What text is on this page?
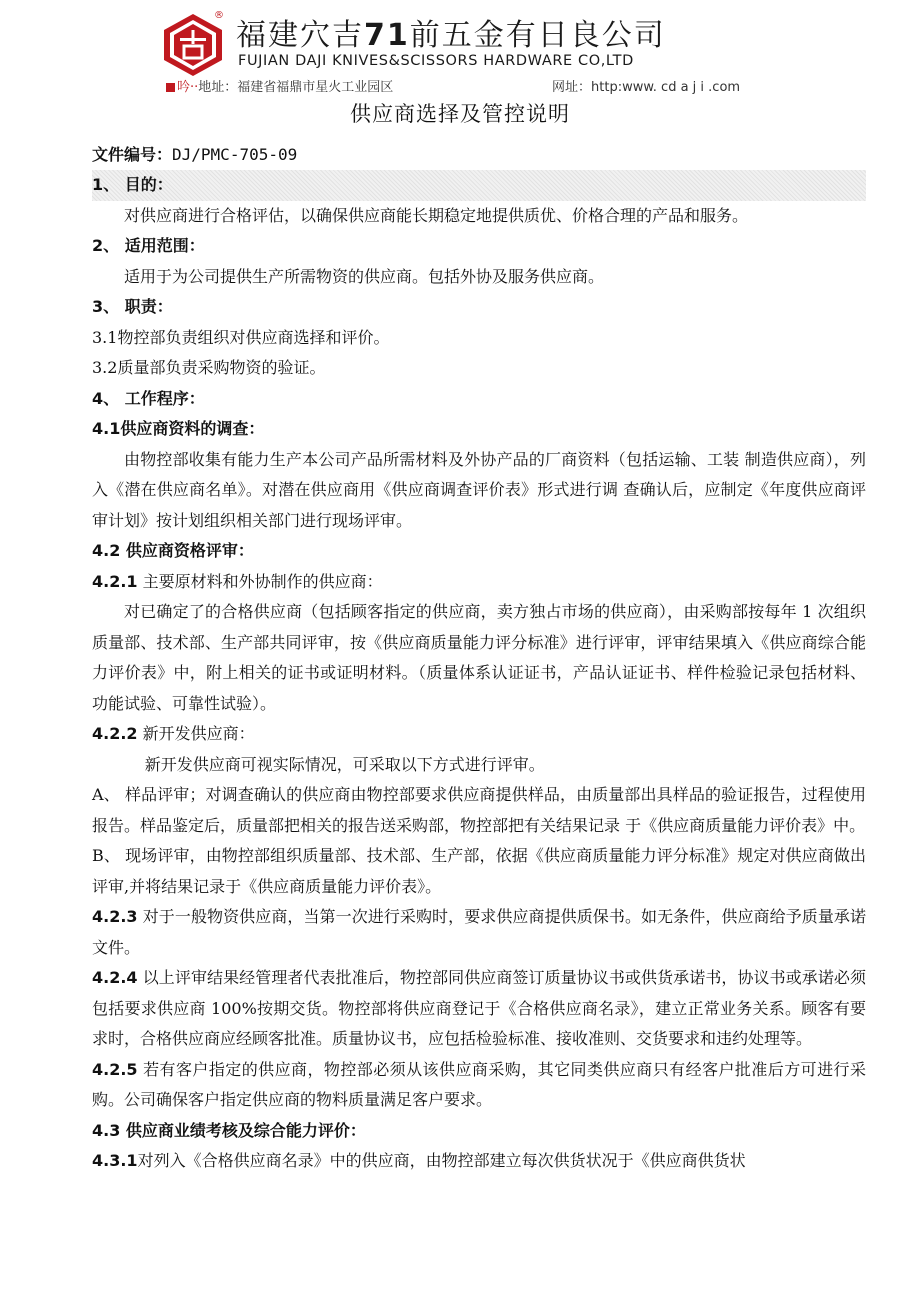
®
福建穴吉71前五金有日良公司
FUJIAN DAJI KNIVES&SCISSORS HARDWARE CO,LTD
吟··地址：福建省福鼎市星火工业园区	网址：http:www. cd a j i .com
供应商选择及管控说明
文件编号：DJ/PMC-705-09

1、 目的：

对供应商进行合格评估，以确保供应商能长期稳定地提供质优、价格合理的产品和服务。

2、 适用范围：

适用于为公司提供生产所需物资的供应商。包括外协及服务供应商。

3、 职责：

3.1物控部负责组织对供应商选择和评价。

3.2质量部负责采购物资的验证。

4、 工作程序：

4.1供应商资料的调查：

由物控部收集有能力生产本公司产品所需材料及外协产品的厂商资料（包括运输、工装 制造供应商），列入《潜在供应商名单》。对潜在供应商用《供应商调查评价表》形式进行调 查确认后，应制定《年度供应商评审计划》按计划组织相关部门进行现场评审。

4.2 供应商资格评审：

4.2.1 主要原材料和外协制作的供应商：

对已确定了的合格供应商（包括顾客指定的供应商，卖方独占市场的供应商），由采购部按每年 1 次组织质量部、技术部、生产部共同评审，按《供应商质量能力评分标准》进行评审，评审结果填入《供应商综合能力评价表》中，附上相关的证书或证明材料。（质量体系认证证书，产品认证证书、样件检验记录包括材料、功能试验、可靠性试验）。

4.2.2 新开发供应商：

新开发供应商可视实际情况，可采取以下方式进行评审。

A、 样品评审；对调查确认的供应商由物控部要求供应商提供样品，由质量部出具样品的验证报告，过程使用报告。样品鉴定后，质量部把相关的报告送采购部，物控部把有关结果记录 于《供应商质量能力评价表》中。

B、 现场评审，由物控部组织质量部、技术部、生产部，依据《供应商质量能力评分标准》规定对供应商做出评审,并将结果记录于《供应商质量能力评价表》。

4.2.3 对于一般物资供应商，当第一次进行采购时，要求供应商提供质保书。如无条件，供应商给予质量承诺文件。

4.2.4 以上评审结果经管理者代表批准后，物控部同供应商签订质量协议书或供货承诺书，协议书或承诺必须包括要求供应商 100%按期交货。物控部将供应商登记于《合格供应商名录》，建立正常业务关系。顾客有要求时，合格供应商应经顾客批准。质量协议书，应包括检验标准、接收准则、交货要求和违约处理等。

4.2.5 若有客户指定的供应商，物控部必须从该供应商采购，其它同类供应商只有经客户批准后方可进行采购。公司确保客户指定供应商的物料质量满足客户要求。

4.3 供应商业绩考核及综合能力评价：

4.3.1对列入《合格供应商名录》中的供应商，由物控部建立每次供货状况于《供应商供货状
